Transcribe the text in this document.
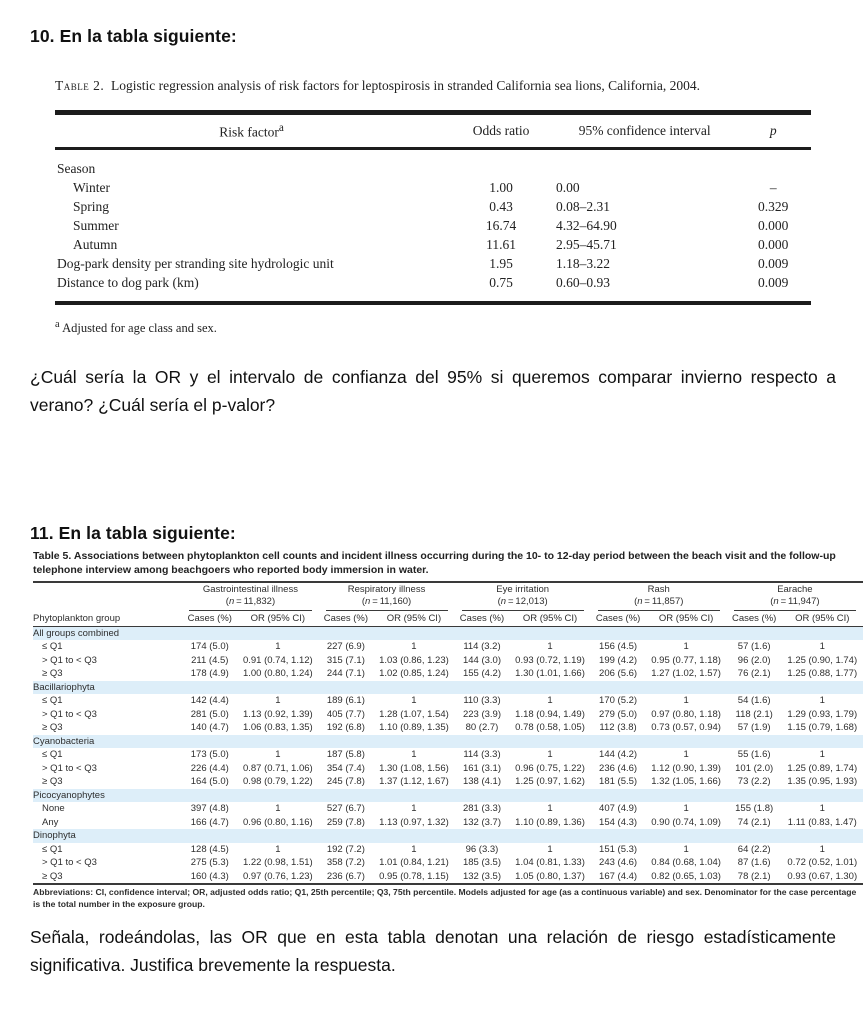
10. En la tabla siguiente:

Table 2. Logistic regression analysis of risk factors for leptospirosis in stranded California sea lions, California, 2004.

Risk factor$^a$	Odds ratio	95% confidence interval	p
Season			
Winter	1.00	0.00	–
Spring	0.43	0.08–2.31	0.329
Summer	16.74	4.32–64.90	0.000
Autumn	11.61	2.95–45.71	0.000
Dog-park density per stranding site hydrologic unit	1.95	1.18–3.22	0.009
Distance to dog park (km)	0.75	0.60–0.93	0.009

$^a$ Adjusted for age class and sex.

¿Cuál sería la OR y el intervalo de confianza del 95% si queremos comparar invierno respecto a verano? ¿Cuál sería el p-valor?

11. En la tabla siguiente:

Table 5. Associations between phytoplankton cell counts and incident illness occurring during the 10- to 12-day period between the beach visit and the follow-up telephone interview among beachgoers who reported body immersion in water.

Gastrointestinal illness
(n = 11,832)

Respiratory illness
(n = 11,160)

Eye irritation
(n = 12,013)

Rash
(n = 11,857)

Earache
(n = 11,947)

Phytoplankton group	Cases (%)	OR (95% CI)	Cases (%)	OR (95% CI)	Cases (%)	OR (95% CI)	Cases (%)	OR (95% CI)	Cases (%)	OR (95% CI)
All groups combined										
≤ Q1	174 (5.0)	1	227 (6.9)	1	114 (3.2)	1	156 (4.5)	1	57 (1.6)	1
> Q1 to < Q3	211 (4.5)	0.91 (0.74, 1.12)	315 (7.1)	1.03 (0.86, 1.23)	144 (3.0)	0.93 (0.72, 1.19)	199 (4.2)	0.95 (0.77, 1.18)	96 (2.0)	1.25 (0.90, 1.74)
≥ Q3	178 (4.9)	1.00 (0.80, 1.24)	244 (7.1)	1.02 (0.85, 1.24)	155 (4.2)	1.30 (1.01, 1.66)	206 (5.6)	1.27 (1.02, 1.57)	76 (2.1)	1.25 (0.88, 1.77)
Bacillariophyta										
≤ Q1	142 (4.4)	1	189 (6.1)	1	110 (3.3)	1	170 (5.2)	1	54 (1.6)	1
> Q1 to < Q3	281 (5.0)	1.13 (0.92, 1.39)	405 (7.7)	1.28 (1.07, 1.54)	223 (3.9)	1.18 (0.94, 1.49)	279 (5.0)	0.97 (0.80, 1.18)	118 (2.1)	1.29 (0.93, 1.79)
≥ Q3	140 (4.7)	1.06 (0.83, 1.35)	192 (6.8)	1.10 (0.89, 1.35)	80 (2.7)	0.78 (0.58, 1.05)	112 (3.8)	0.73 (0.57, 0.94)	57 (1.9)	1.15 (0.79, 1.68)
Cyanobacteria										
≤ Q1	173 (5.0)	1	187 (5.8)	1	114 (3.3)	1	144 (4.2)	1	55 (1.6)	1
> Q1 to < Q3	226 (4.4)	0.87 (0.71, 1.06)	354 (7.4)	1.30 (1.08, 1.56)	161 (3.1)	0.96 (0.75, 1.22)	236 (4.6)	1.12 (0.90, 1.39)	101 (2.0)	1.25 (0.89, 1.74)
≥ Q3	164 (5.0)	0.98 (0.79, 1.22)	245 (7.8)	1.37 (1.12, 1.67)	138 (4.1)	1.25 (0.97, 1.62)	181 (5.5)	1.32 (1.05, 1.66)	73 (2.2)	1.35 (0.95, 1.93)
Picocyanophytes										
None	397 (4.8)	1	527 (6.7)	1	281 (3.3)	1	407 (4.9)	1	155 (1.8)	1
Any	166 (4.7)	0.96 (0.80, 1.16)	259 (7.8)	1.13 (0.97, 1.32)	132 (3.7)	1.10 (0.89, 1.36)	154 (4.3)	0.90 (0.74, 1.09)	74 (2.1)	1.11 (0.83, 1.47)
Dinophyta										
≤ Q1	128 (4.5)	1	192 (7.2)	1	96 (3.3)	1	151 (5.3)	1	64 (2.2)	1
> Q1 to < Q3	275 (5.3)	1.22 (0.98, 1.51)	358 (7.2)	1.01 (0.84, 1.21)	185 (3.5)	1.04 (0.81, 1.33)	243 (4.6)	0.84 (0.68, 1.04)	87 (1.6)	0.72 (0.52, 1.01)
≥ Q3	160 (4.3)	0.97 (0.76, 1.23)	236 (6.7)	0.95 (0.78, 1.15)	132 (3.5)	1.05 (0.80, 1.37)	167 (4.4)	0.82 (0.65, 1.03)	78 (2.1)	0.93 (0.67, 1.30)

Abbreviations: CI, confidence interval; OR, adjusted odds ratio; Q1, 25th percentile; Q3, 75th percentile. Models adjusted for age (as a continuous variable) and sex. Denominator for the case percentage is the total number in the exposure group.

Señala, rodeándolas, las OR que en esta tabla denotan una relación de riesgo estadísticamente significativa. Justifica brevemente la respuesta.
